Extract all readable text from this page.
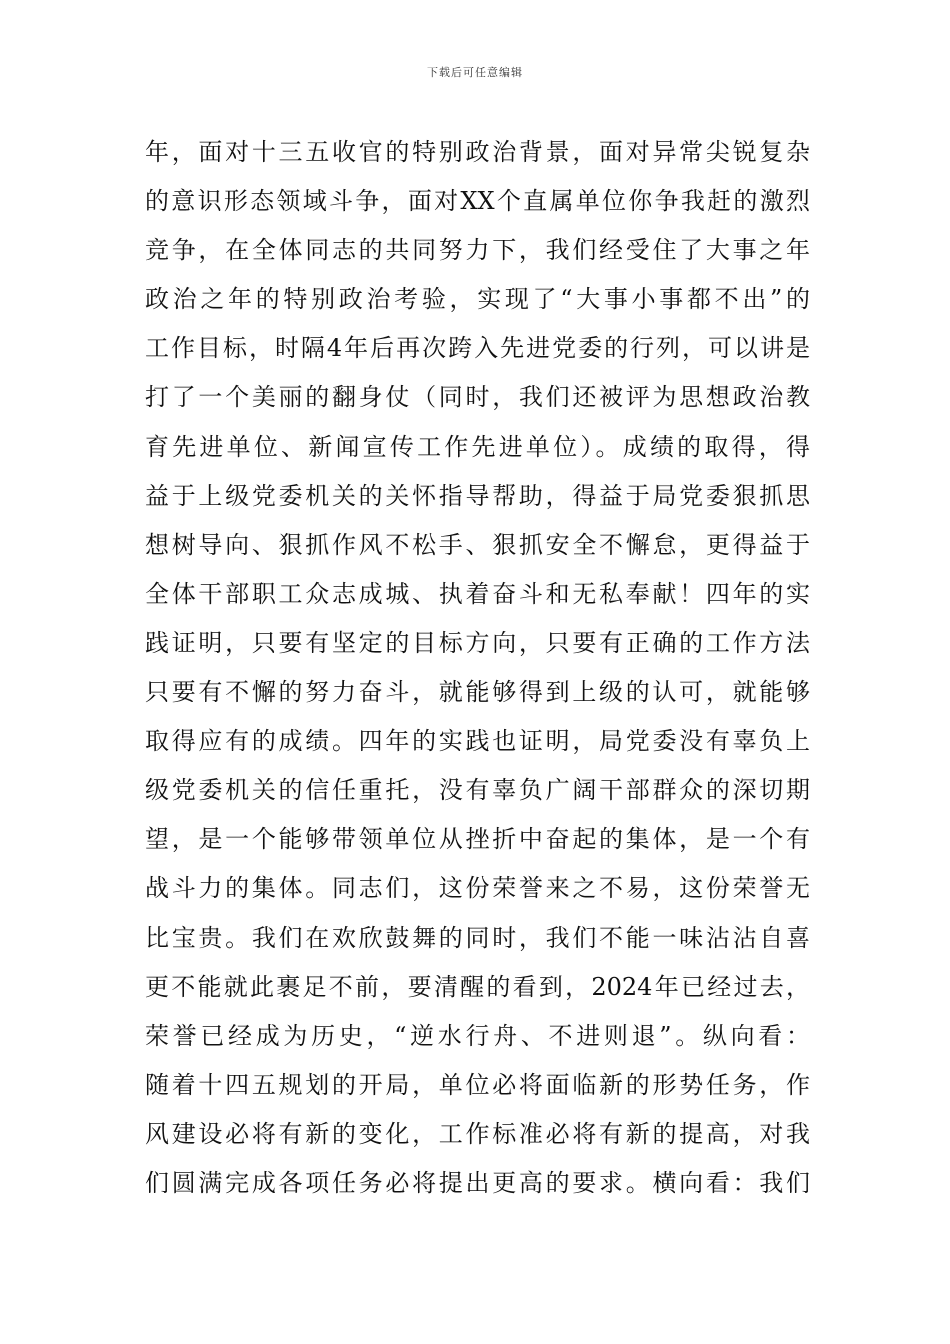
下载后可任意编辑
年，面对十三五收官的特别政治背景，面对异常尖锐复杂
的意识形态领域斗争，面对XX个直属单位你争我赶的激烈
竞争，在全体同志的共同努力下，我们经受住了大事之年
政治之年的特别政治考验，实现了“大事小事都不出”的
工作目标，时隔4年后再次跨入先进党委的行列，可以讲是
打了一个美丽的翻身仗（同时，我们还被评为思想政治教
育先进单位、新闻宣传工作先进单位）。成绩的取得，得
益于上级党委机关的关怀指导帮助，得益于局党委狠抓思
想树导向、狠抓作风不松手、狠抓安全不懈怠，更得益于
全体干部职工众志成城、执着奋斗和无私奉献！四年的实
践证明，只要有坚定的目标方向，只要有正确的工作方法
只要有不懈的努力奋斗，就能够得到上级的认可，就能够
取得应有的成绩。四年的实践也证明，局党委没有辜负上
级党委机关的信任重托，没有辜负广阔干部群众的深切期
望，是一个能够带领单位从挫折中奋起的集体，是一个有
战斗力的集体。同志们，这份荣誉来之不易，这份荣誉无
比宝贵。我们在欢欣鼓舞的同时，我们不能一味沾沾自喜
更不能就此裹足不前，要清醒的看到，2024年已经过去，
荣誉已经成为历史，“逆水行舟、不进则退”。纵向看：
随着十四五规划的开局，单位必将面临新的形势任务，作
风建设必将有新的变化，工作标准必将有新的提高，对我
们圆满完成各项任务必将提出更高的要求。横向看：我们
